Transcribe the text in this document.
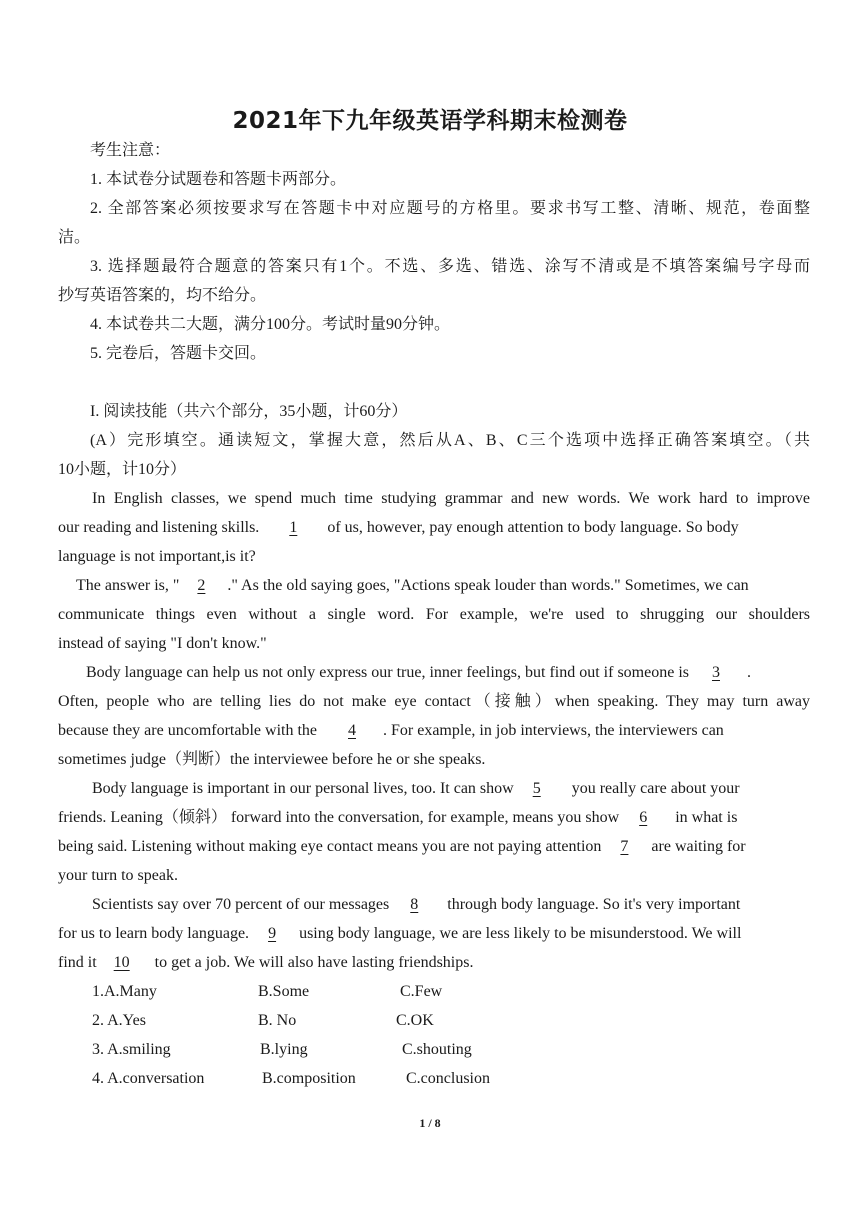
2021年下九年级英语学科期末检测卷
考生注意：
1. 本试卷分试题卷和答题卡两部分。
2. 全部答案必须按要求写在答题卡中对应题号的方格里。要求书写工整、清晰、规范，卷面整
洁。
3. 选择题最符合题意的答案只有1个。不选、多选、错选、涂写不清或是不填答案编号字母而
抄写英语答案的，均不给分。
4. 本试卷共二大题，满分100分。考试时量90分钟。
5. 完卷后，答题卡交回。
I. 阅读技能（共六个部分，35小题，计60分）
(A）完形填空。通读短文，掌握大意，然后从A、B、C三个选项中选择正确答案填空。（共
10小题，计10分）
In English classes, we spend much time studying grammar and new words. We work hard to improve
our reading and listening skills. 1 of us, however, pay enough attention to body language. So body
language is not important,is it?
The answer is, " 2 ." As the old saying goes, "Actions speak louder than words." Sometimes, we can
communicate things even without a single word. For example, we're used to shrugging our shoulders
instead of saying "I don't know."
Body language can help us not only express our true, inner feelings, but find out if someone is 3 .
Often, people who are telling lies do not make eye contact（接触）when speaking. They may turn away
because they are uncomfortable with the 4 . For example, in job interviews, the interviewers can
sometimes judge（判断）the interviewee before he or she speaks.
Body language is important in our personal lives, too. It can show 5 you really care about your
friends. Leaning（倾斜） forward into the conversation, for example, means you show 6 in what is
being said. Listening without making eye contact means you are not paying attention 7 are waiting for
your turn to speak.
Scientists say over 70 percent of our messages 8 through body language. So it's very important
for us to learn body language. 9 using body language, we are less likely to be misunderstood. We will
find it 10 to get a job. We will also have lasting friendships.
1.A.Many	B.Some	C.Few
2. A.Yes	B. No	C.OK
3. A.smiling	B.lying	C.shouting
4. A.conversation	B.composition	C.conclusion
1 / 8
